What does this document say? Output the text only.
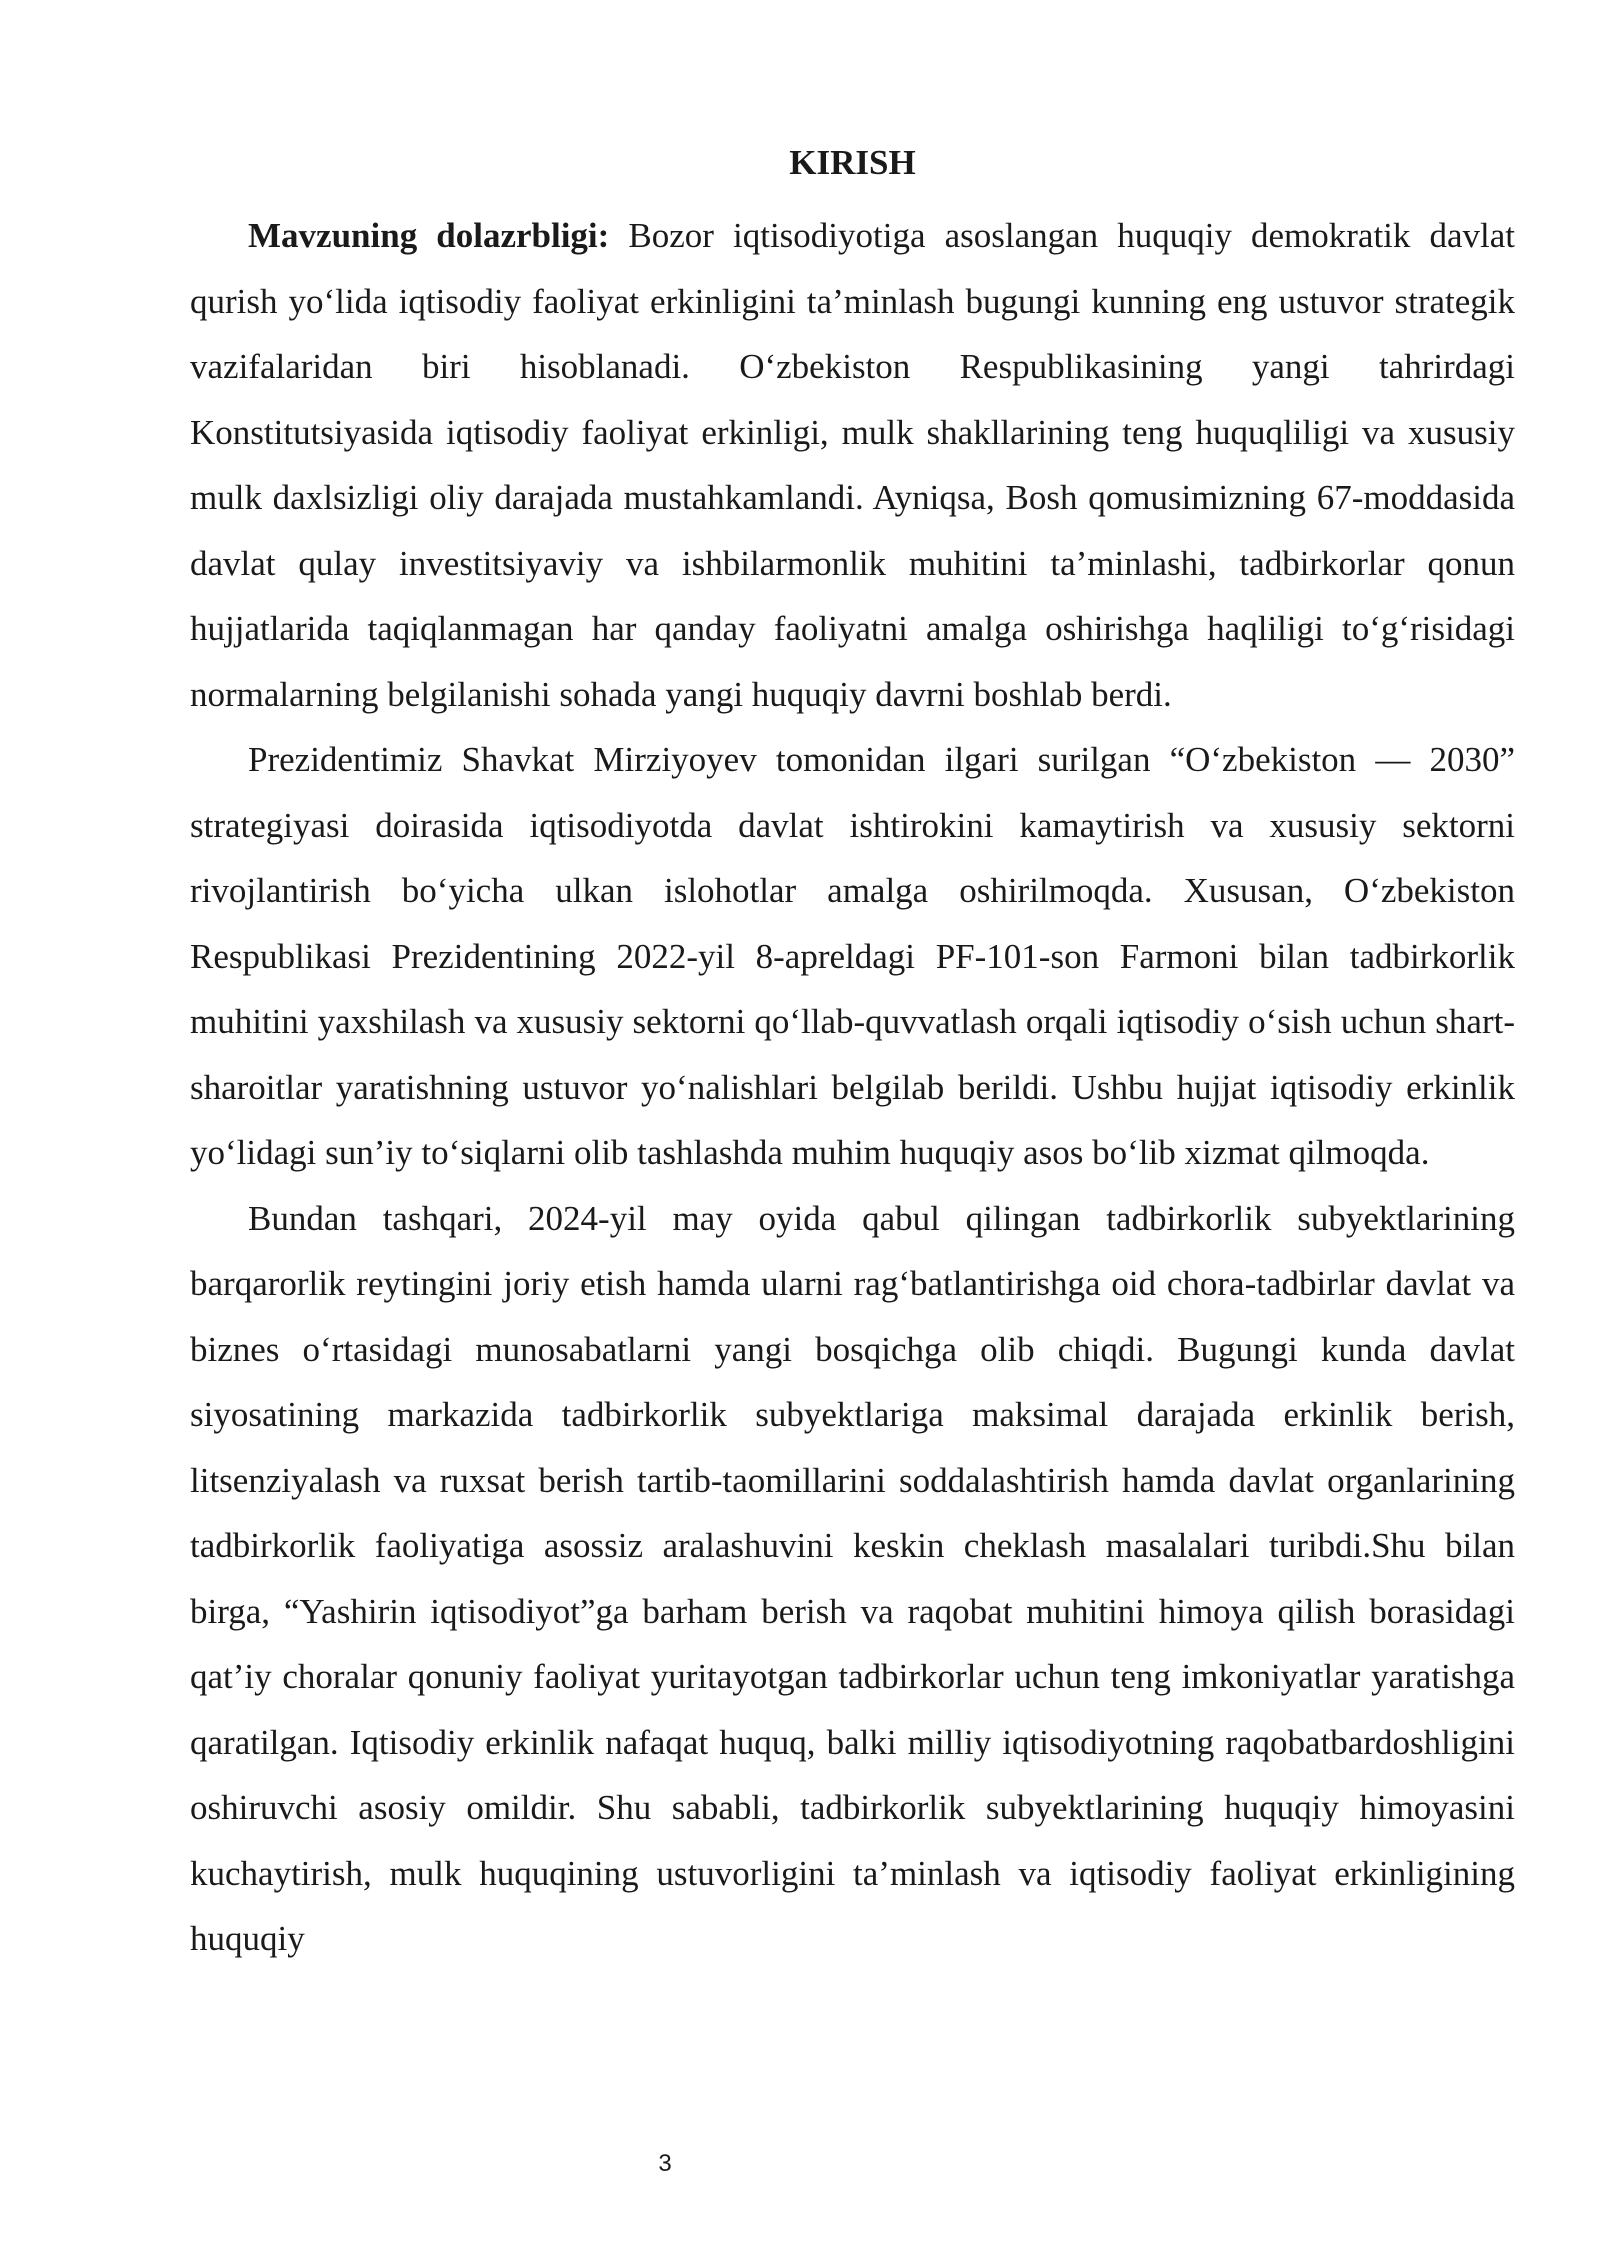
KIRISH

Mavzuning dolazrbligi: Bozor iqtisodiyotiga asoslangan huquqiy demokratik davlat qurish yo‘lida iqtisodiy faoliyat erkinligini ta’minlash bugungi kunning eng ustuvor strategik vazifalaridan biri hisoblanadi. O‘zbekiston Respublikasining yangi tahrirdagi Konstitutsiyasida iqtisodiy faoliyat erkinligi, mulk shakllarining teng huquqliligi va xususiy mulk daxlsizligi oliy darajada mustahkamlandi. Ayniqsa, Bosh qomusimizning 67-moddasida davlat qulay investitsiyaviy va ishbilarmonlik muhitini ta’minlashi, tadbirkorlar qonun hujjatlarida taqiqlanmagan har qanday faoliyatni amalga oshirishga haqliligi to‘g‘risidagi normalarning belgilanishi sohada yangi huquqiy davrni boshlab berdi.

Prezidentimiz Shavkat Mirziyoyev tomonidan ilgari surilgan “O‘zbekiston — 2030” strategiyasi doirasida iqtisodiyotda davlat ishtirokini kamaytirish va xususiy sektorni rivojlantirish bo‘yicha ulkan islohotlar amalga oshirilmoqda. Xususan, O‘zbekiston Respublikasi Prezidentining 2022-yil 8-apreldagi PF-101-son Farmoni bilan tadbirkorlik muhitini yaxshilash va xususiy sektorni qo‘llab-quvvatlash orqali iqtisodiy o‘sish uchun shart-sharoitlar yaratishning ustuvor yo‘nalishlari belgilab berildi. Ushbu hujjat iqtisodiy erkinlik yo‘lidagi sun’iy to‘siqlarni olib tashlashda muhim huquqiy asos bo‘lib xizmat qilmoqda.

Bundan tashqari, 2024-yil may oyida qabul qilingan tadbirkorlik subyektlarining barqarorlik reytingini joriy etish hamda ularni rag‘batlantirishga oid chora-tadbirlar davlat va biznes o‘rtasidagi munosabatlarni yangi bosqichga olib chiqdi. Bugungi kunda davlat siyosatining markazida tadbirkorlik subyektlariga maksimal darajada erkinlik berish, litsenziyalash va ruxsat berish tartib-taomillarini soddalashtirish hamda davlat organlarining tadbirkorlik faoliyatiga asossiz aralashuvini keskin cheklash masalalari turibdi.Shu bilan birga, “Yashirin iqtisodiyot”ga barham berish va raqobat muhitini himoya qilish borasidagi qat’iy choralar qonuniy faoliyat yuritayotgan tadbirkorlar uchun teng imkoniyatlar yaratishga qaratilgan. Iqtisodiy erkinlik nafaqat huquq, balki milliy iqtisodiyotning raqobatbardoshligini oshiruvchi asosiy omildir. Shu sababli, tadbirkorlik subyektlarining huquqiy himoyasini kuchaytirish, mulk huquqining ustuvorligini ta’minlash va iqtisodiy faoliyat erkinligining huquqiy

3
